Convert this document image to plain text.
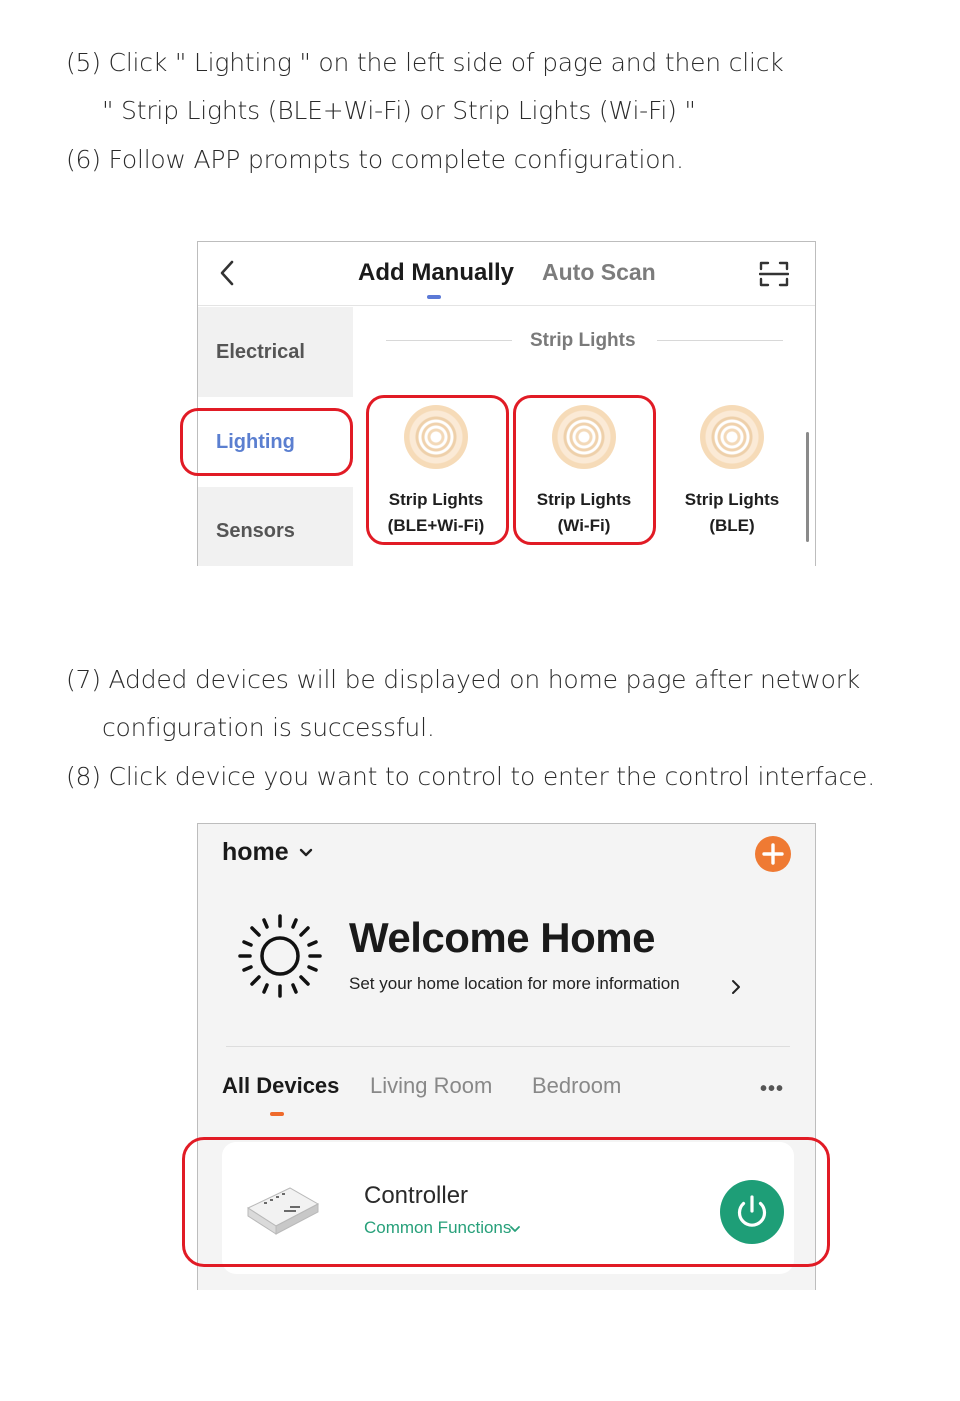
(5) Click " Lighting " on the left side of page and then click
" Strip Lights (BLE+Wi-Fi) or Strip Lights (Wi-Fi) "
(6) Follow APP prompts to complete configuration.
Add Manually Auto Scan
Electrical
Lighting
Sensors
Strip Lights
Strip Lights
(BLE+Wi-Fi)
Strip Lights
(Wi-Fi)
Strip Lights
(BLE)
(7) Added devices will be displayed on home page after network
configuration is successful.
(8) Click device you want to control to enter the control interface.
home
Welcome Home
Set your home location for more information
All Devices Living Room Bedroom	•••
Controller
Common Functions
